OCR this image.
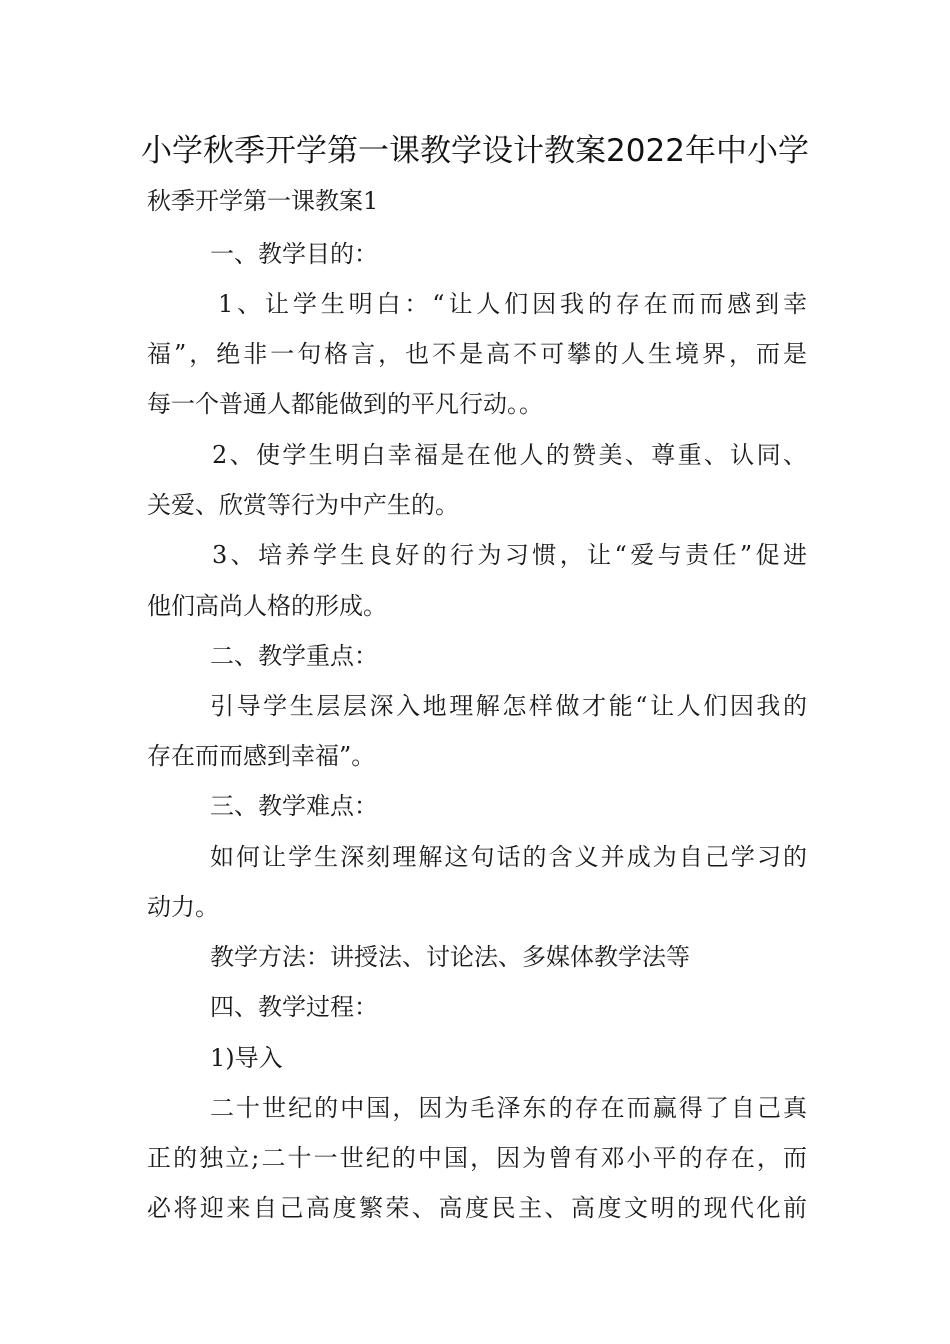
小学秋季开学第一课教学设计教案2022年中小学
秋季开学第一课教案1
一、教学目的：
1、让学生明白：“让人们因我的存在而而感到幸
福”，绝非一句格言，也不是高不可攀的人生境界，而是
每一个普通人都能做到的平凡行动。。
2、使学生明白幸福是在他人的赞美、尊重、认同、
关爱、欣赏等行为中产生的。
3、培养学生良好的行为习惯，让“爱与责任”促进
他们高尚人格的形成。
二、教学重点：
引导学生层层深入地理解怎样做才能“让人们因我的
存在而而感到幸福”。
三、教学难点：
如何让学生深刻理解这句话的含义并成为自己学习的
动力。
教学方法：讲授法、讨论法、多媒体教学法等
四、教学过程：
1)导入
二十世纪的中国，因为毛泽东的存在而赢得了自己真
正的独立;二十一世纪的中国，因为曾有邓小平的存在，而
必将迎来自己高度繁荣、高度民主、高度文明的现代化前
